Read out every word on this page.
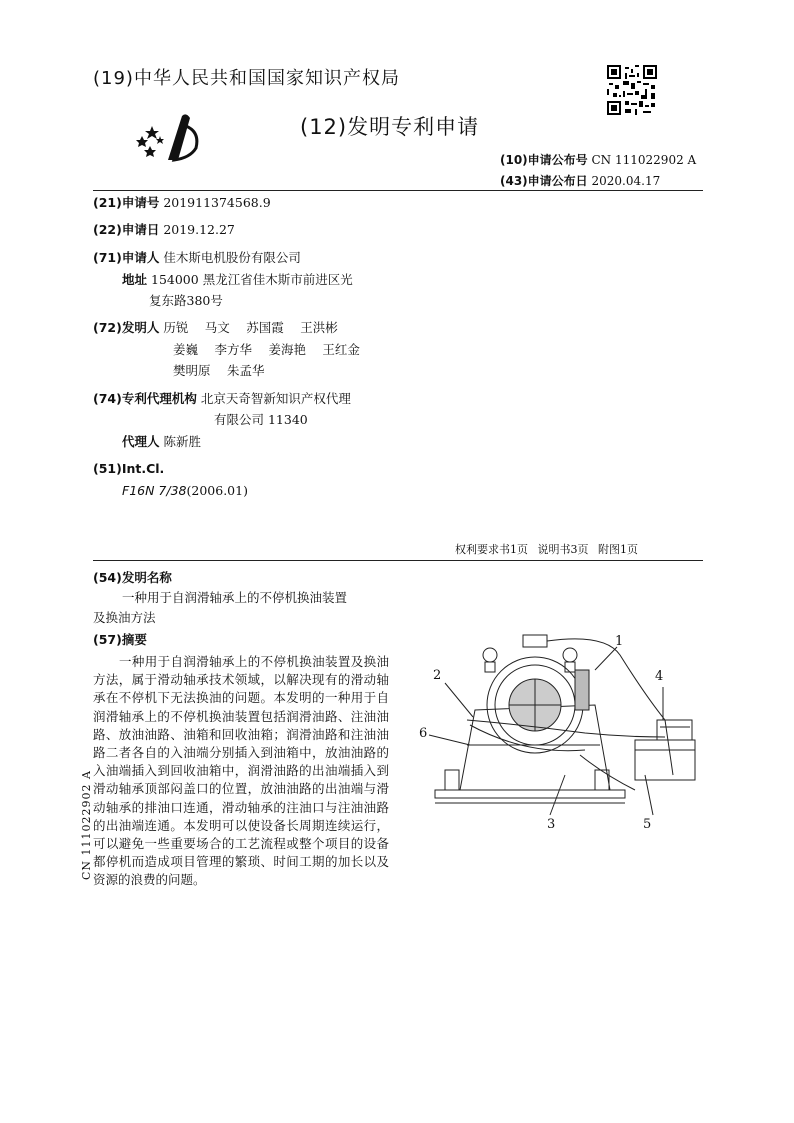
(19)中华人民共和国国家知识产权局
(12)发明专利申请
(10)申请公布号 CN 111022902 A
(43)申请公布日 2020.04.17
(21)申请号 201911374568.9
(22)申请日 2019.12.27
(71)申请人 佳木斯电机股份有限公司
地址 154000 黑龙江省佳木斯市前进区光
复东路380号
(72)发明人 历锐　 马文　 苏国霞　 王洪彬
姜巍　 李方华　 姜海艳　 王红金
樊明原　 朱孟华
(74)专利代理机构 北京天奇智新知识产权代理
有限公司 11340
代理人 陈新胜
(51)Int.Cl.
F16N 7/38(2006.01)
权利要求书1页 说明书3页 附图1页
(54)发明名称
一种用于自润滑轴承上的不停机换油装置
及换油方法
(57)摘要
一种用于自润滑轴承上的不停机换油装置及换油方法，属于滑动轴承技术领域，以解决现有的滑动轴承在不停机下无法换油的问题。本发明的一种用于自润滑轴承上的不停机换油装置包括润滑油路、注油油路、放油油路、油箱和回收油箱；润滑油路和注油油路二者各自的入油端分别插入到油箱中，放油油路的入油端插入到回收油箱中，润滑油路的出油端插入到滑动轴承顶部闷盖口的位置，放油油路的出油端与滑动轴承的排油口连通，滑动轴承的注油口与注油油路的出油端连通。本发明可以使设备长周期连续运行，可以避免一些重要场合的工艺流程或整个项目的设备都停机而造成项目管理的繁琐、时间工期的加长以及资源的浪费的问题。
1
2
3
4
5
6
CN 111022902 A
